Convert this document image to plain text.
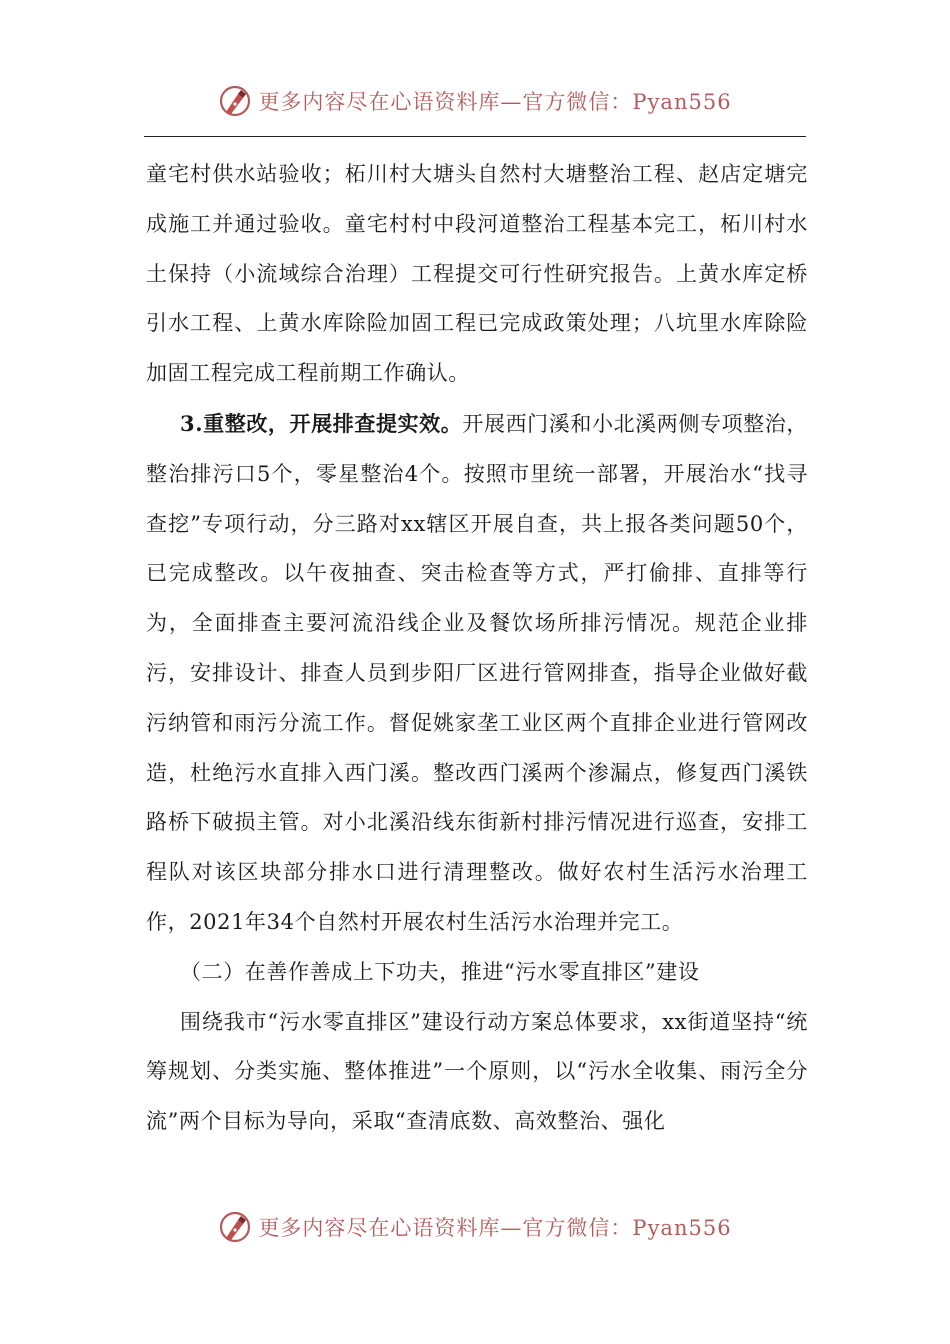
更多内容尽在心语资料库—官方微信：Pyan556

童宅村供水站验收；柘川村大塘头自然村大塘整治工程、赵店定塘完成施工并通过验收。童宅村村中段河道整治工程基本完工，柘川村水土保持（小流域综合治理）工程提交可行性研究报告。上黄水库定桥引水工程、上黄水库除险加固工程已完成政策处理；八坑里水库除险加固工程完成工程前期工作确认。

3.重整改，开展排查提实效。开展西门溪和小北溪两侧专项整治，整治排污口5个，零星整治4个。按照市里统一部署，开展治水“找寻查挖”专项行动，分三路对xx辖区开展自查，共上报各类问题50个，已完成整改。以午夜抽查、突击检查等方式，严打偷排、直排等行为，全面排查主要河流沿线企业及餐饮场所排污情况。规范企业排污，安排设计、排查人员到步阳厂区进行管网排查，指导企业做好截污纳管和雨污分流工作。督促姚家垄工业区两个直排企业进行管网改造，杜绝污水直排入西门溪。整改西门溪两个渗漏点，修复西门溪铁路桥下破损主管。对小北溪沿线东街新村排污情况进行巡查，安排工程队对该区块部分排水口进行清理整改。做好农村生活污水治理工作，2021年34个自然村开展农村生活污水治理并完工。

（二）在善作善成上下功夫，推进“污水零直排区”建设

围绕我市“污水零直排区”建设行动方案总体要求，xx街道坚持“统筹规划、分类实施、整体推进”一个原则，以“污水全收集、雨污全分流”两个目标为导向，采取“查清底数、高效整治、强化

更多内容尽在心语资料库—官方微信：Pyan556
